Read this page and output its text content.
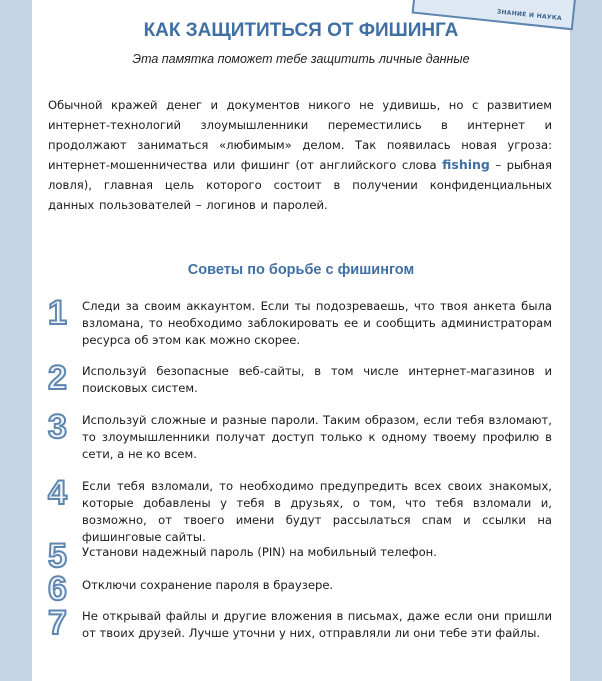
ЗНАНИЕ И НАУКА
КАК ЗАЩИТИТЬСЯ ОТ ФИШИНГА
Эта памятка поможет тебе защитить личные данные
Обычной кражей денег и документов никого не удивишь, но с развитием интернет-технологий злоумышленники переместились в интернет и продолжают заниматься «любимым» делом. Так появилась новая угроза: интернет-мошенничества или фишинг (от английского слова fishing – рыбная ловля), главная цель которого состоит в получении конфиденциальных данных пользователей – логинов и паролей.
Советы по борьбе с фишингом
1	Следи за своим аккаунтом. Если ты подозреваешь, что твоя анкета была взломана, то необходимо заблокировать ее и сообщить администраторам ресурса об этом как можно скорее.
2	Используй безопасные веб-сайты, в том числе интернет-магазинов и поисковых систем.
3	Используй сложные и разные пароли. Таким образом, если тебя взломают, то злоумышленники получат доступ только к одному твоему профилю в сети, а не ко всем.
4	Если тебя взломали, то необходимо предупредить всех своих знакомых, которые добавлены у тебя в друзьях, о том, что тебя взломали и, возможно, от твоего имени будут рассылаться спам и ссылки на фишинговые сайты.
5	Установи надежный пароль (PIN) на мобильный телефон.
6	Отключи сохранение пароля в браузере.
7	Не открывай файлы и другие вложения в письмах, даже если они пришли от твоих друзей. Лучше уточни у них, отправляли ли они тебе эти файлы.
